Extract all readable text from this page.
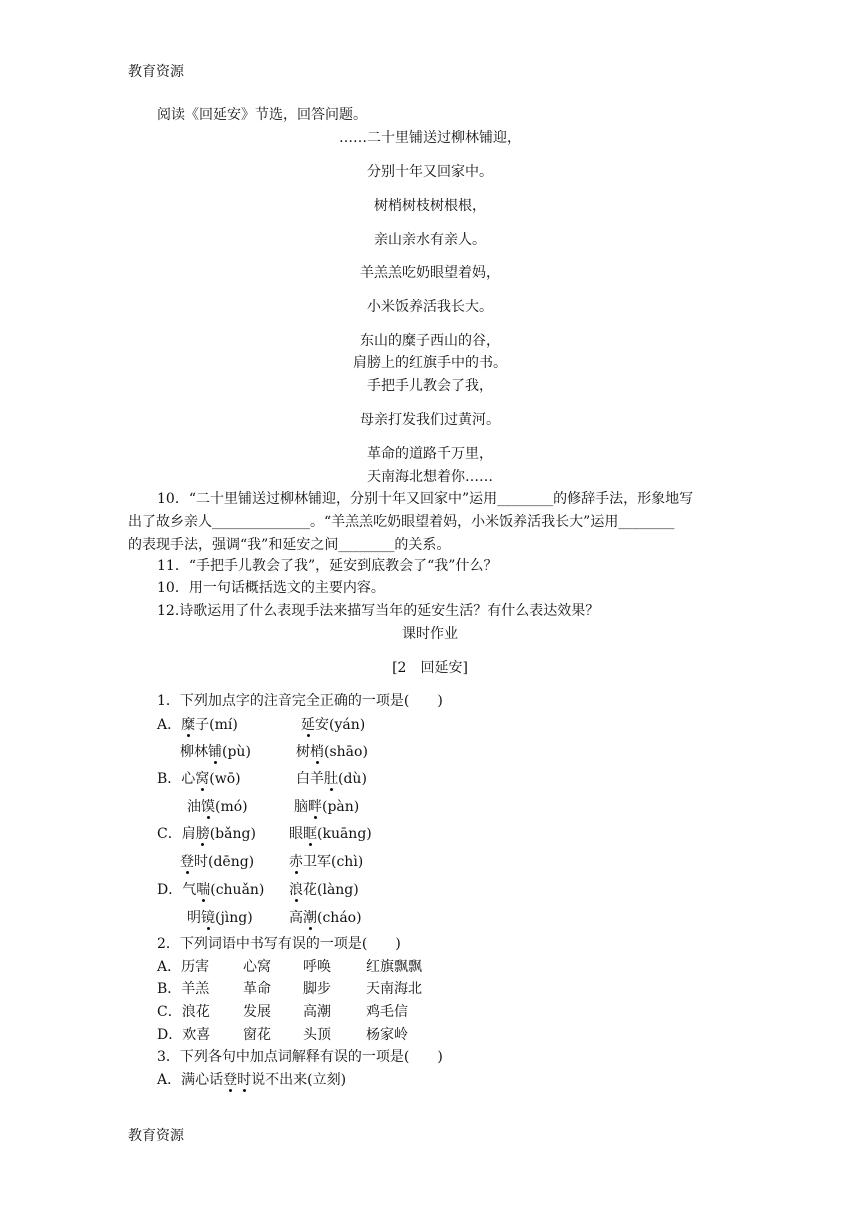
教育资源
阅读《回延安》节选，回答问题。
……二十里铺送过柳林铺迎，
分别十年又回家中。
树梢树枝树根根，
亲山亲水有亲人。
羊羔羔吃奶眼望着妈，
小米饭养活我长大。
东山的糜子西山的谷，
肩膀上的红旗手中的书。
手把手儿教会了我，
母亲打发我们过黄河。
革命的道路千万里，
天南海北想着你……
10．“二十里铺送过柳林铺迎，分别十年又回家中”运用________的修辞手法，形象地写
出了故乡亲人______________。“羊羔羔吃奶眼望着妈，小米饭养活我长大”运用________
的表现手法，强调“我”和延安之间________的关系。
11．“手把手儿教会了我”，延安到底教会了“我”什么？
10．用一句话概括选文的主要内容。
12.诗歌运用了什么表现手法来描写当年的延安生活？有什么表达效果？
课时作业
[2　回延安]
1．下列加点字的注音完全正确的一项是(　　)
A．糜子(mí)	延安(yán)
柳林铺(pù)	树梢(shāo)
B．心窝(wō)	白羊肚(dù)
油馍(mó)	脑畔(pàn)
C．肩膀(bǎng) 眼眶(kuāng)
登时(dēng) 赤卫军(chì)
D．气喘(chuǎn) 浪花(làng)
明镜(jìng)	高潮(cháo)
2．下列词语中书写有误的一项是(　　)
A．历害 心窝 呼唤	红旗飘飘
B．羊羔 革命 脚步	天南海北
C．浪花 发展 高潮	鸡毛信
D．欢喜 窗花 头顶	杨家岭
3．下列各句中加点词解释有误的一项是(　　)
A．满心话登时说不出来(立刻)
教育资源
